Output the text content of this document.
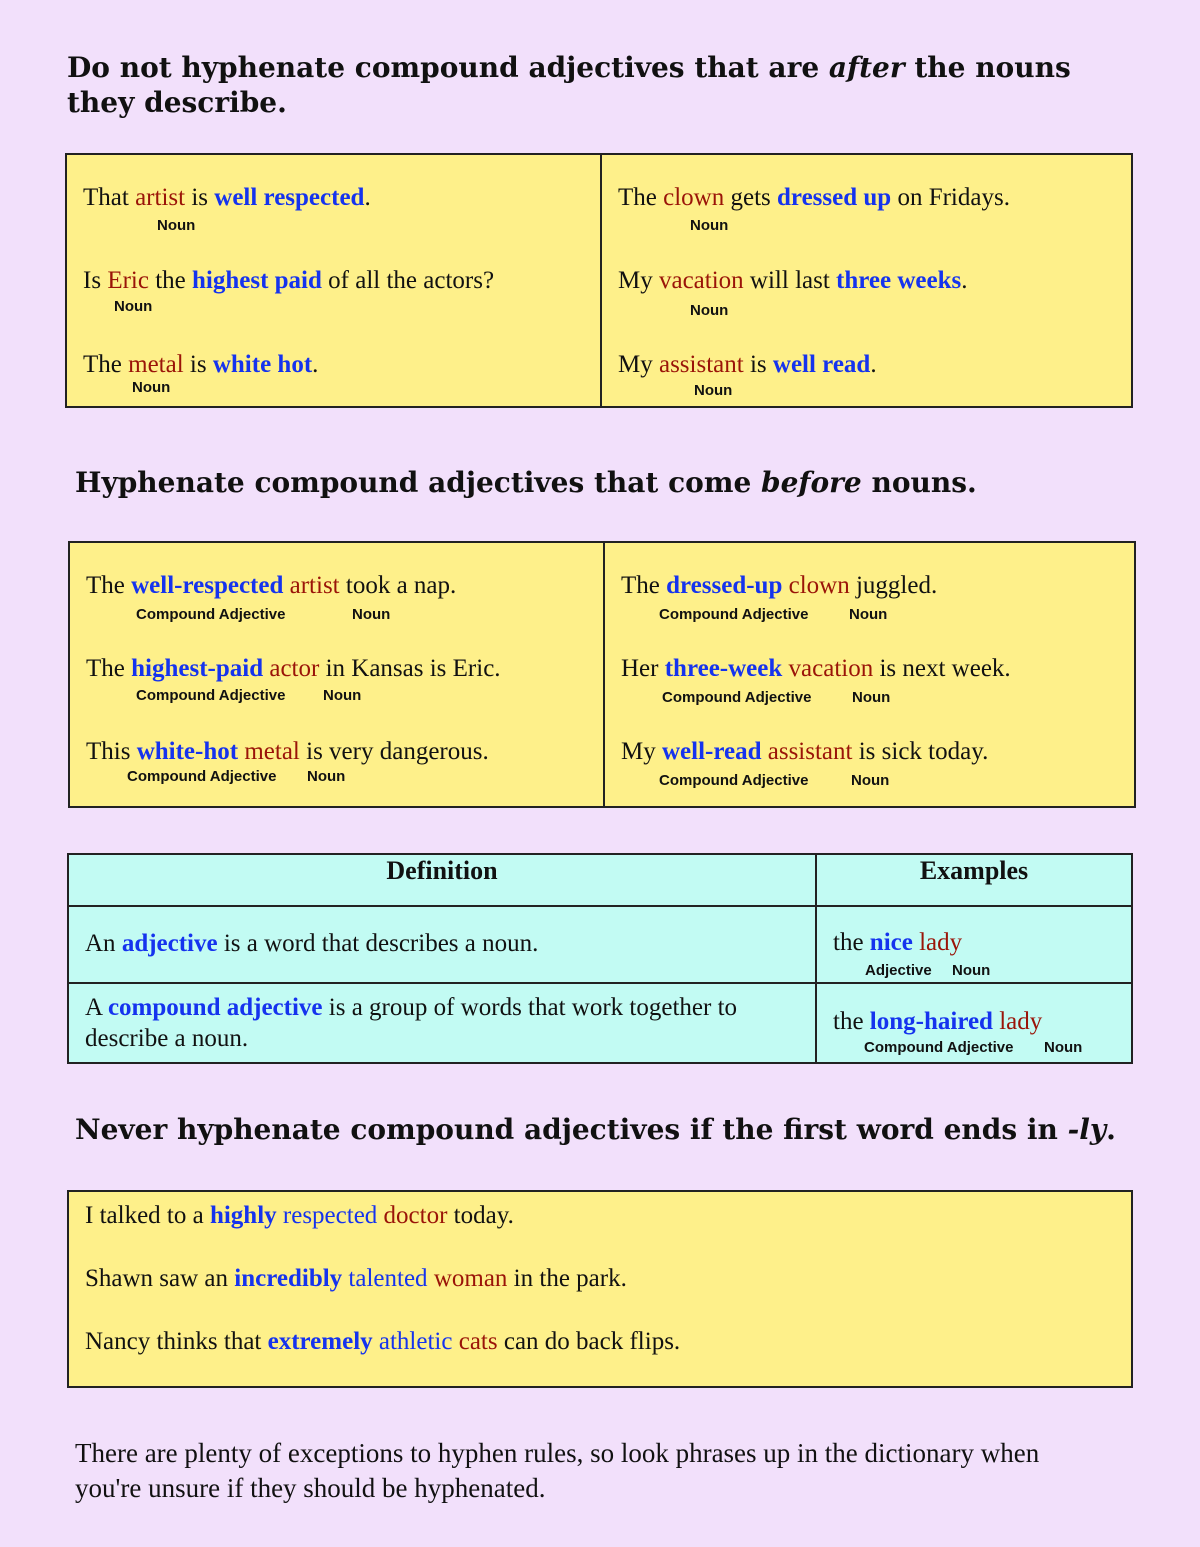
Do not hyphenate compound adjectives that are after the nouns they describe.
That artist is well respected.
Noun
Is Eric the highest paid of all the actors?
Noun
The metal is white hot.
Noun
The clown gets dressed up on Fridays.
Noun
My vacation will last three weeks.
Noun
My assistant is well read.
Noun
Hyphenate compound adjectives that come before nouns.
The well-respected artist took a nap.
Compound Adjective	Noun
The highest-paid actor in Kansas is Eric.
Compound Adjective	Noun
This white-hot metal is very dangerous.
Compound Adjective Noun
The dressed-up clown juggled.
Compound Adjective	Noun
Her three-week vacation is next week.
Compound Adjective	Noun
My well-read assistant is sick today.
Compound Adjective	Noun
Definition	Examples

An adjective is a word that describes a noun.	the nice lady
Adjective Noun

A compound adjective is a group of words that work together to describe a noun.	the long-haired lady
Compound Adjective Noun
Never hyphenate compound adjectives if the first word ends in -ly.
I talked to a highly respected doctor today.
Shawn saw an incredibly talented woman in the park.
Nancy thinks that extremely athletic cats can do back flips.

There are plenty of exceptions to hyphen rules, so look phrases up in the dictionary when you're unsure if they should be hyphenated.
